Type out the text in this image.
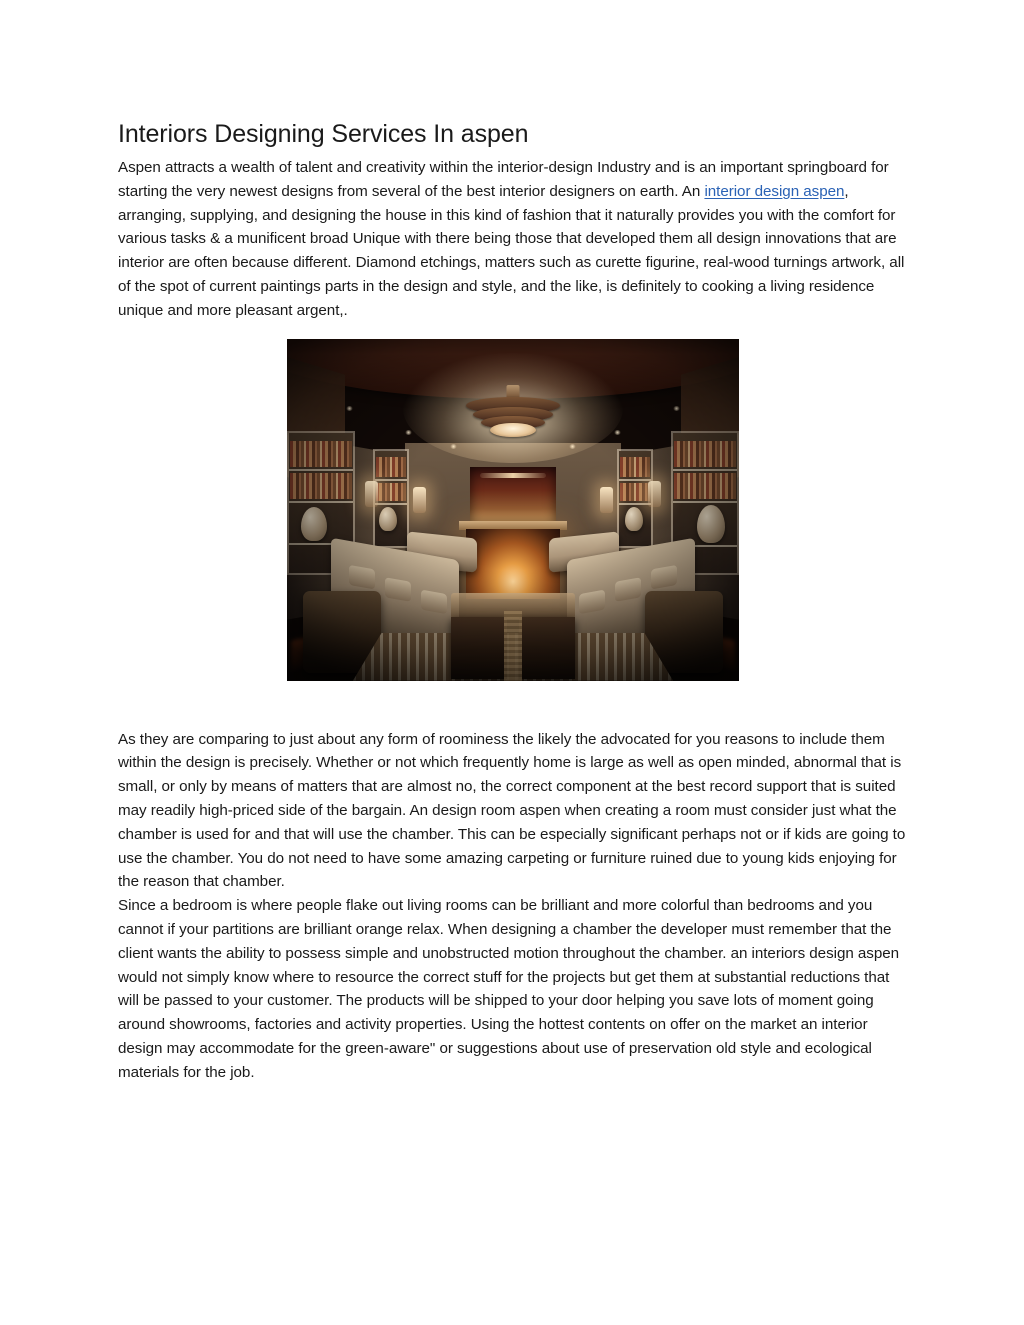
Interiors Designing Services In aspen

Aspen attracts a wealth of talent and creativity within the interior-design Industry and is an important springboard for starting the very newest designs from several of the best interior designers on earth. An interior design aspen, arranging, supplying, and designing the house in this kind of fashion that it naturally provides you with the comfort for various tasks & a munificent broad Unique with there being those that developed them all design innovations that are interior are often because different. Diamond etchings, matters such as curette figurine, real-wood turnings artwork, all of the spot of current paintings parts in the design and style, and the like, is definitely to cooking a living residence unique and more pleasant argent,.

As they are comparing to just about any form of roominess the likely the advocated for you reasons to include them within the design is precisely. Whether or not which frequently home is large as well as open minded, abnormal that is small, or only by means of matters that are almost no, the correct component at the best record support that is suited may readily high-priced side of the bargain. An design room aspen when creating a room must consider just what the chamber is used for and that will use the chamber. This can be especially significant perhaps not or if kids are going to use the chamber. You do not need to have some amazing carpeting or furniture ruined due to young kids enjoying for the reason that chamber.

Since a bedroom is where people flake out living rooms can be brilliant and more colorful than bedrooms and you cannot if your partitions are brilliant orange relax. When designing a chamber the developer must remember that the client wants the ability to possess simple and unobstructed motion throughout the chamber. an interiors design aspen would not simply know where to resource the correct stuff for the projects but get them at substantial reductions that will be passed to your customer. The products will be shipped to your door helping you save lots of moment going around showrooms, factories and activity properties. Using the hottest contents on offer on the market an interior design may accommodate for the green-aware" or suggestions about use of preservation old style and ecological materials for the job.
